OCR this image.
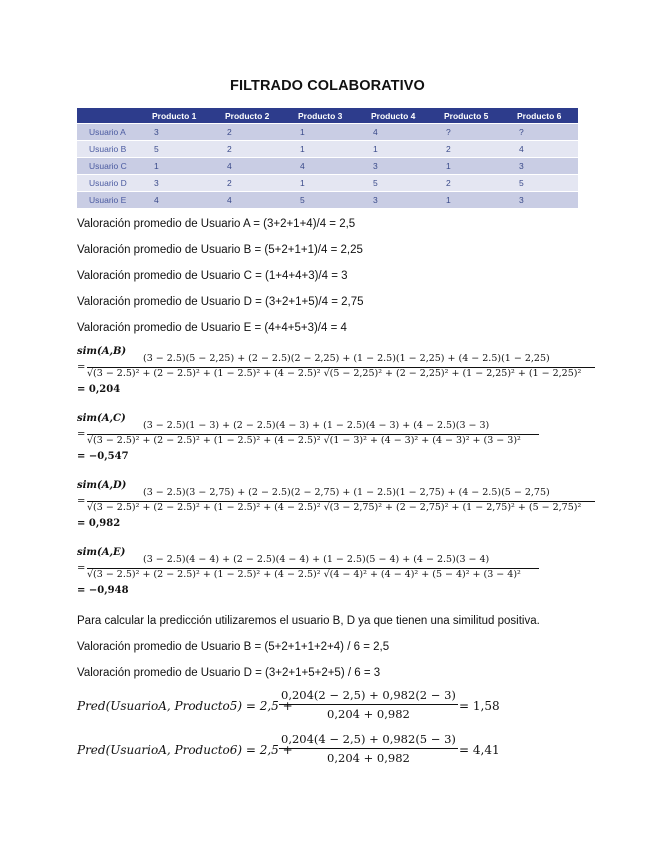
FILTRADO COLABORATIVO
	Producto 1	Producto 2	Producto 3	Producto 4	Producto 5	Producto 6
Usuario A	3	2	1	4	?	?
Usuario B	5	2	1	1	2	4
Usuario C	1	4	4	3	1	3
Usuario D	3	2	1	5	2	5
Usuario E	4	4	5	3	1	3
Valoración promedio de Usuario A = (3+2+1+4)/4 = 2,5
Valoración promedio de Usuario B = (5+2+1+1)/4 = 2,25
Valoración promedio de Usuario C = (1+4+4+3)/4 = 3
Valoración promedio de Usuario D = (3+2+1+5)/4 = 2,75
Valoración promedio de Usuario E = (4+4+5+3)/4 = 4
sim(A,B)
=
(3 − 2.5)(5 − 2,25) + (2 − 2.5)(2 − 2,25) + (1 − 2.5)(1 − 2,25) + (4 − 2.5)(1 − 2,25)
√(3 − 2.5)² + (2 − 2.5)² + (1 − 2.5)² + (4 − 2.5)² √(5 − 2,25)² + (2 − 2,25)² + (1 − 2,25)² + (1 − 2,25)²
= 0,204
sim(A,C)
=
(3 − 2.5)(1 − 3) + (2 − 2.5)(4 − 3) + (1 − 2.5)(4 − 3) + (4 − 2.5)(3 − 3)
√(3 − 2.5)² + (2 − 2.5)² + (1 − 2.5)² + (4 − 2.5)² √(1 − 3)² + (4 − 3)² + (4 − 3)² + (3 − 3)²
= −0,547
sim(A,D)
=
(3 − 2.5)(3 − 2,75) + (2 − 2.5)(2 − 2,75) + (1 − 2.5)(1 − 2,75) + (4 − 2.5)(5 − 2,75)
√(3 − 2.5)² + (2 − 2.5)² + (1 − 2.5)² + (4 − 2.5)² √(3 − 2,75)² + (2 − 2,75)² + (1 − 2,75)² + (5 − 2,75)²
= 0,982
sim(A,E)
=
(3 − 2.5)(4 − 4) + (2 − 2.5)(4 − 4) + (1 − 2.5)(5 − 4) + (4 − 2.5)(3 − 4)
√(3 − 2.5)² + (2 − 2.5)² + (1 − 2.5)² + (4 − 2.5)² √(4 − 4)² + (4 − 4)² + (5 − 4)² + (3 − 4)²
= −0,948
Para calcular la predicción utilizaremos el usuario B, D ya que tienen una similitud positiva.
Valoración promedio de Usuario B = (5+2+1+1+2+4) / 6 = 2,5
Valoración promedio de Usuario D = (3+2+1+5+2+5) / 6 = 3
Pred(UsuarioA, Producto5) = 2,5 +
$\frac{0,204(2 - 2,5) + 0,982(2 - 3)}{0,204 + 0,982} = 1,58$
Pred(UsuarioA, Producto6) = 2,5 +
$\frac{0,204(4 - 2,5) + 0,982(5 - 3)}{0,204 + 0,982} = 4,41$
